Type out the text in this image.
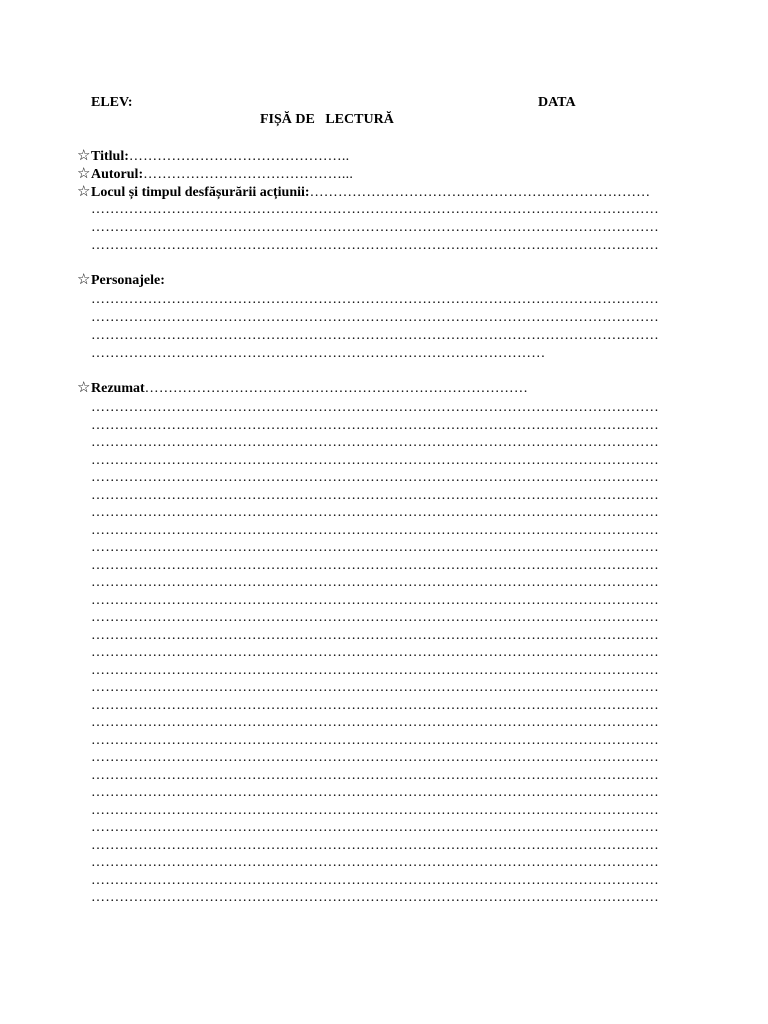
ELEV:	DATA
FIȘĂ DE   LECTURĂ
☆Titlul:………………………………………..
☆Autorul:……………………………………...
☆Locul și timpul desfășurării acțiunii:………………………………………………………………
…………………………………………………………………………………………………………
…………………………………………………………………………………………………………
…………………………………………………………………………………………………………
☆Personajele:
…………………………………………………………………………………………………………
…………………………………………………………………………………………………………
…………………………………………………………………………………………………………
……………………………………………………………………………………
☆Rezumat………………………………………………………………………
…………………………………………………………………………………………………………
…………………………………………………………………………………………………………
…………………………………………………………………………………………………………
…………………………………………………………………………………………………………
…………………………………………………………………………………………………………
…………………………………………………………………………………………………………
…………………………………………………………………………………………………………
…………………………………………………………………………………………………………
…………………………………………………………………………………………………………
…………………………………………………………………………………………………………
…………………………………………………………………………………………………………
…………………………………………………………………………………………………………
…………………………………………………………………………………………………………
…………………………………………………………………………………………………………
…………………………………………………………………………………………………………
…………………………………………………………………………………………………………
…………………………………………………………………………………………………………
…………………………………………………………………………………………………………
…………………………………………………………………………………………………………
…………………………………………………………………………………………………………
…………………………………………………………………………………………………………
…………………………………………………………………………………………………………
…………………………………………………………………………………………………………
…………………………………………………………………………………………………………
…………………………………………………………………………………………………………
…………………………………………………………………………………………………………
…………………………………………………………………………………………………………
…………………………………………………………………………………………………………
…………………………………………………………………………………………………………
